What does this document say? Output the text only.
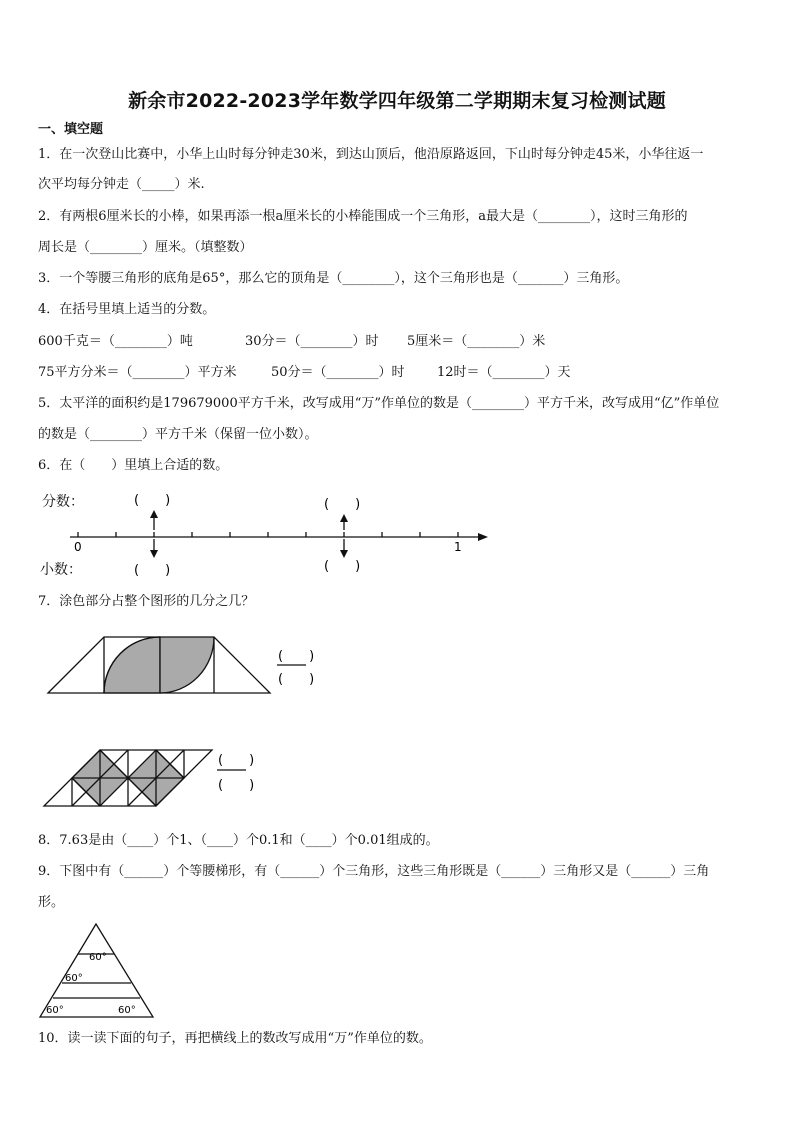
新余市2022-2023学年数学四年级第二学期期末复习检测试题
一、填空题
1．在一次登山比赛中，小华上山时每分钟走30米，到达山顶后，他沿原路返回，下山时每分钟走45米，小华往返一
次平均每分钟走（_____）米.
2．有两根6厘米长的小棒，如果再添一根a厘米长的小棒能围成一个三角形，a最大是（________），这时三角形的
周长是（________）厘米。（填整数）
3．一个等腰三角形的底角是65°，那么它的顶角是（________），这个三角形也是（_______）三角形。
4．在括号里填上适当的分数。
600千克＝（________）吨	30分＝（________）时 5厘米＝（________）米
75平方分米＝（________）平方米	50分＝（________）时 12时＝（________）天
5．太平洋的面积约是179679000平方千米，改写成用“万”作单位的数是（________）平方千米，改写成用“亿”作单位
的数是（________）平方千米（保留一位小数）。
6．在（　　）里填上合适的数。
分数：
小数：
0	1
(　　)	(　　)
(　　)	(　　)
7．涂色部分占整个图形的几分之几？
(　　)
(　　)
(　　)
(　　)
8．7.63是由（____）个1、（____）个0.1和（____）个0.01组成的。
9．下图中有（______）个等腰梯形，有（______）个三角形，这些三角形既是（______）三角形又是（______）三角
形。
60°
60°
60°	60°
10．读一读下面的句子，再把横线上的数改写成用“万”作单位的数。
